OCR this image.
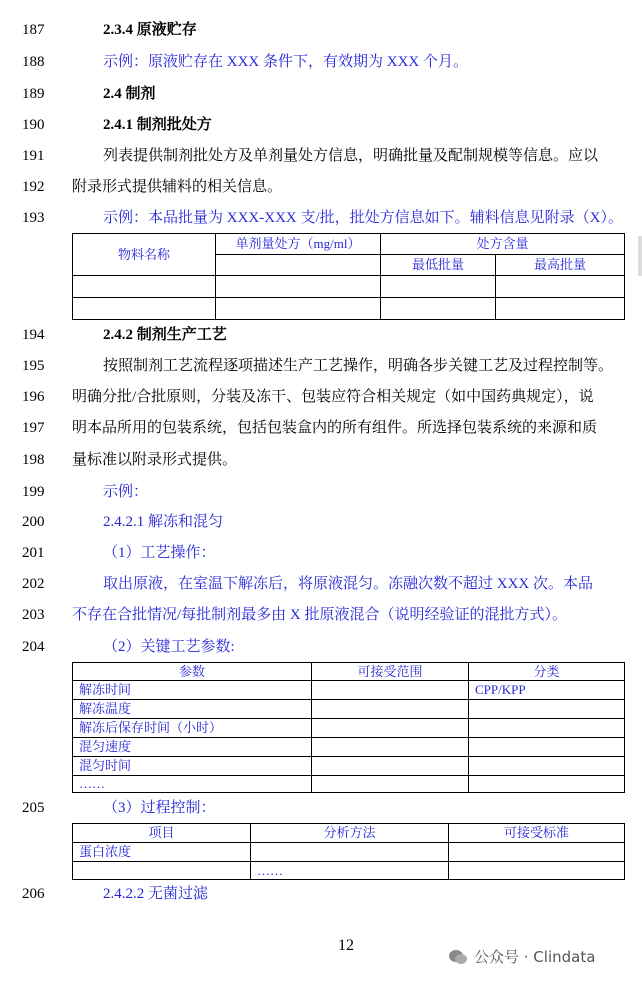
187	2.3.4 原液贮存
188	示例：原液贮存在 XXX 条件下，有效期为 XXX 个月。
189	2.4 制剂
190	2.4.1 制剂批处方
191	列表提供制剂批处方及单剂量处方信息，明确批量及配制规模等信息。应以
192 附录形式提供辅料的相关信息。
193	示例：本品批量为 XXX-XXX 支/批，批处方信息如下。辅料信息见附录（X）。
物料名称	单剂量处方（mg/ml）	处方含量	
		最低批量	最高批量

194	2.4.2 制剂生产工艺
195	按照制剂工艺流程逐项描述生产工艺操作，明确各步关键工艺及过程控制等。
196 明确分批/合批原则，分装及冻干、包装应符合相关规定（如中国药典规定），说
197 明本品所用的包装系统，包括包装盒内的所有组件。所选择包装系统的来源和质
198 量标准以附录形式提供。
199	示例：
200	2.4.2.1 解冻和混匀
201	（1）工艺操作：
202	取出原液，在室温下解冻后，将原液混匀。冻融次数不超过 XXX 次。本品
203 不存在合批情况/每批制剂最多由 X 批原液混合（说明经验证的混批方式）。
204	（2）关键工艺参数:
参数	可接受范围	分类
解冻时间		CPP/KPP
解冻温度		
解冻后保存时间（小时）		
混匀速度		
混匀时间		
……		
205	（3）过程控制：
项目	分析方法	可接受标准
蛋白浓度		
	……	
206	2.4.2.2 无菌过滤
12
公众号 · Clindata
